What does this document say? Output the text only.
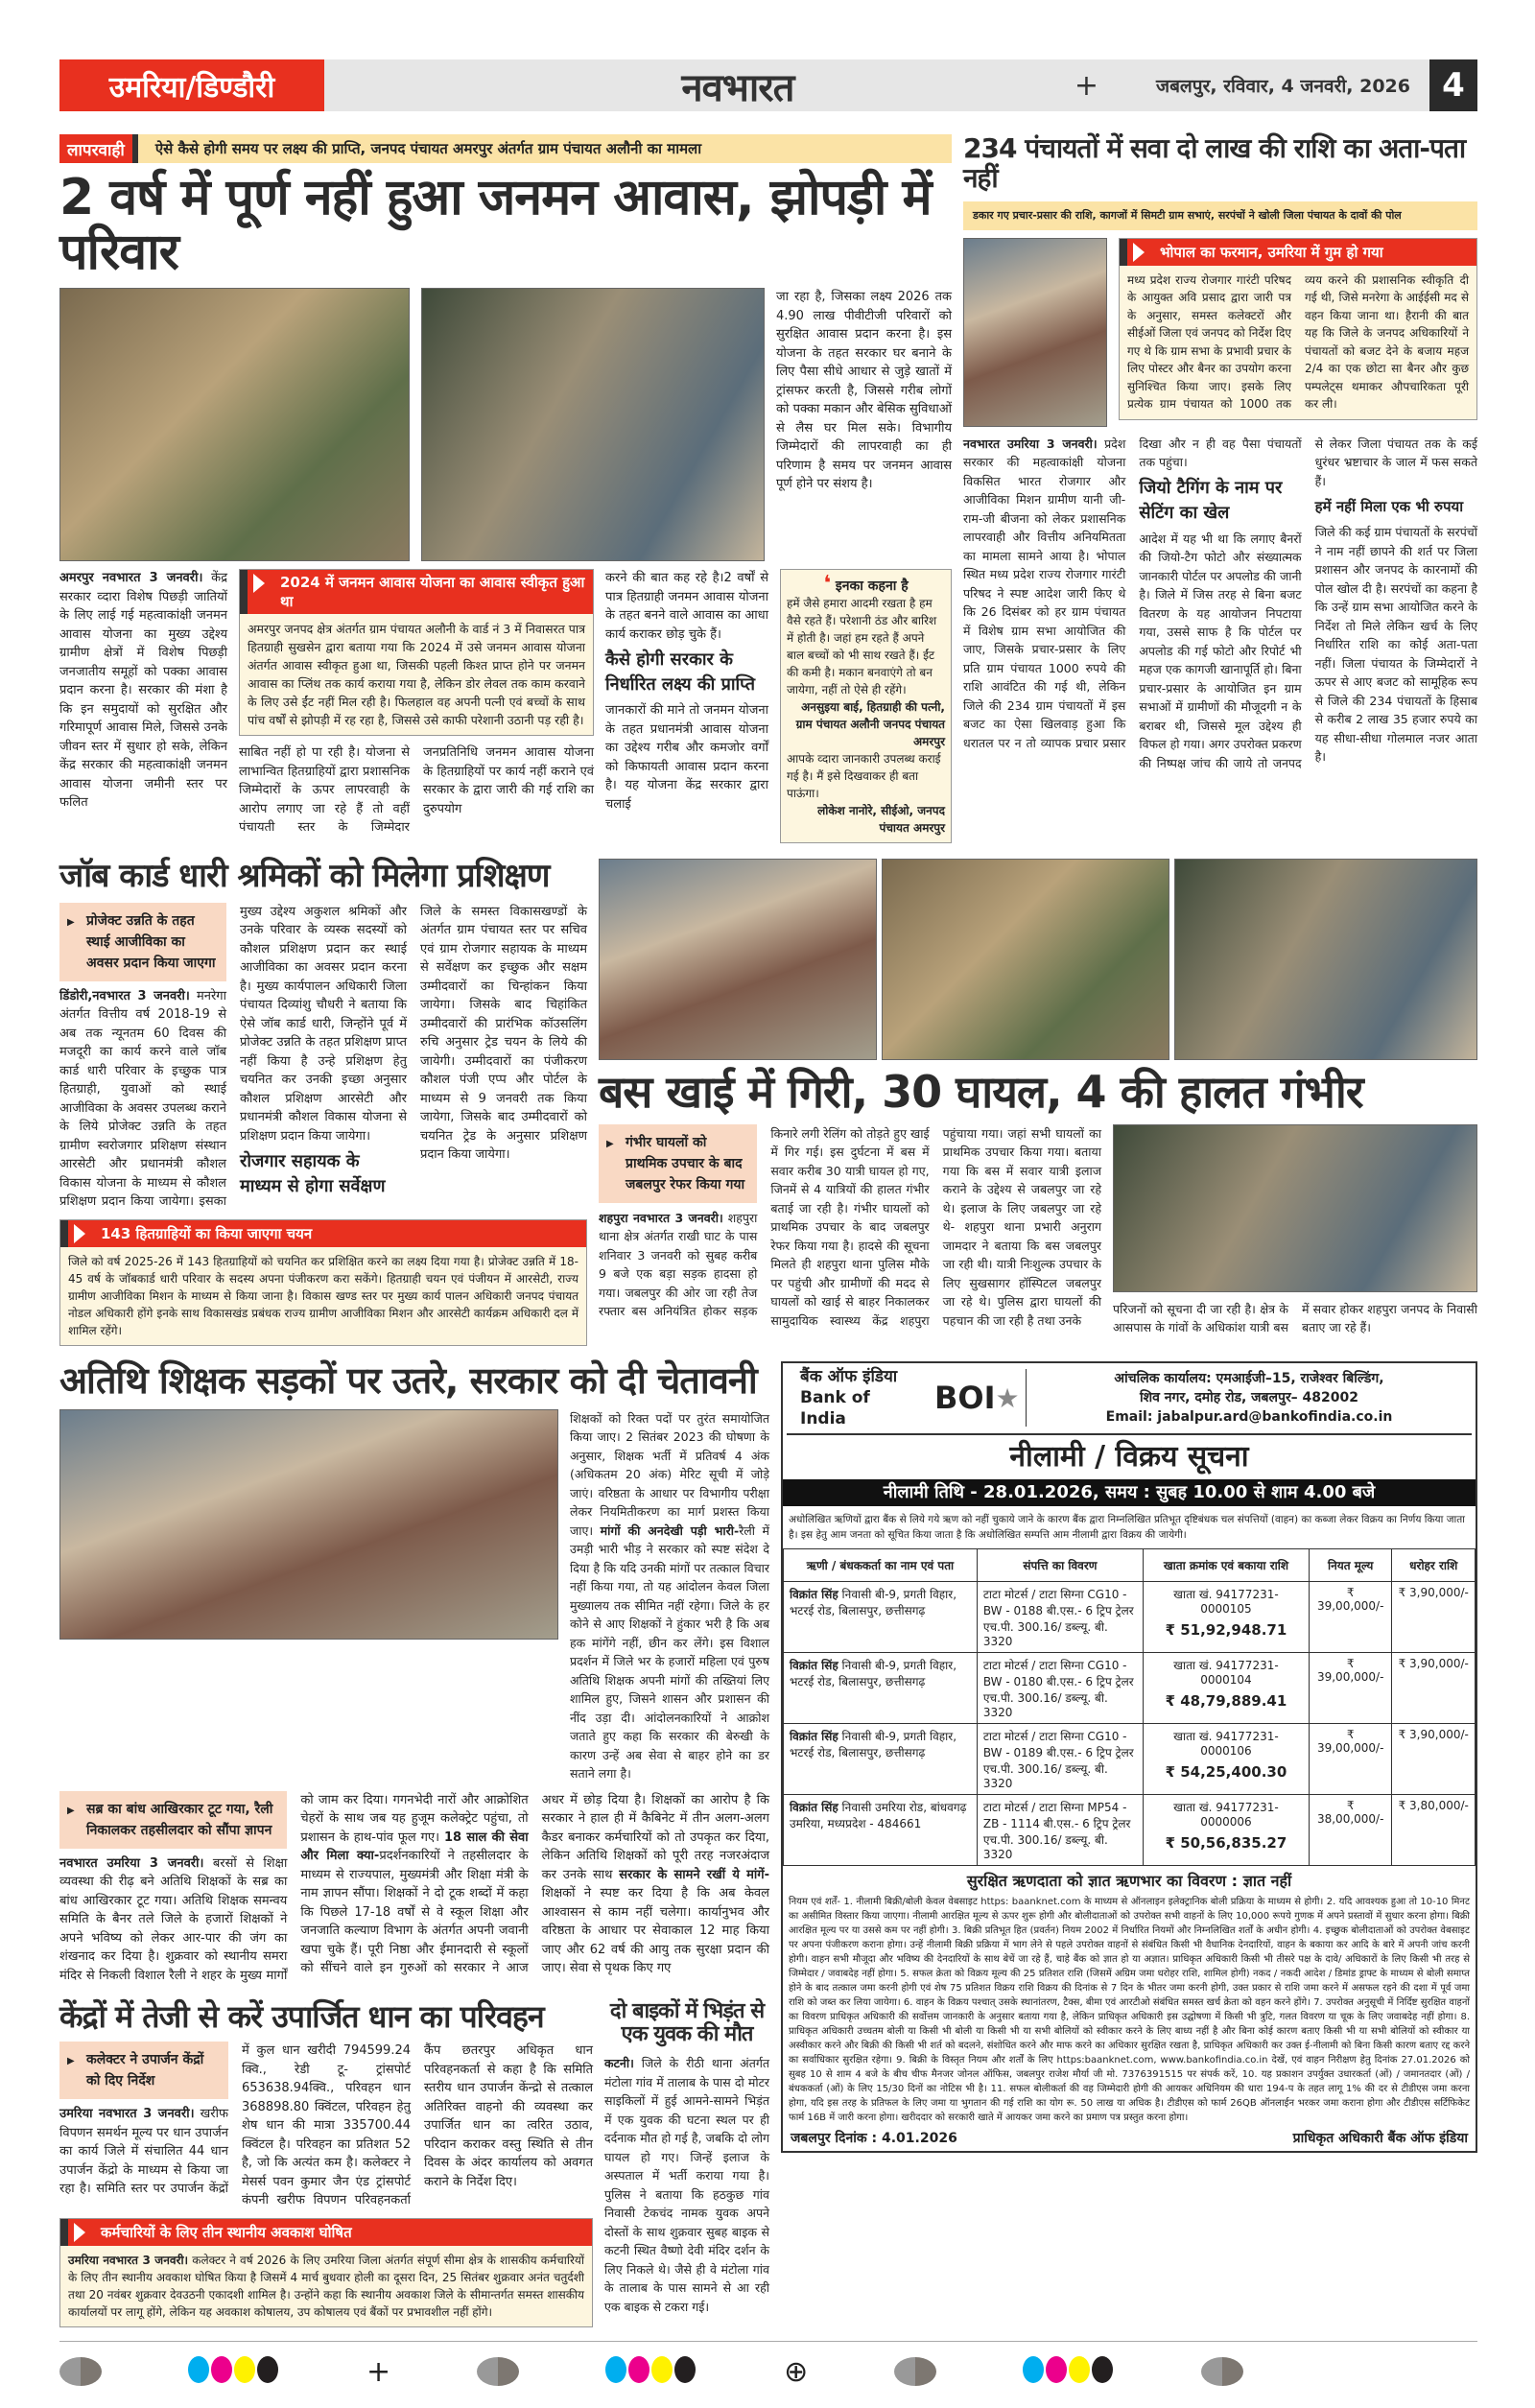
उमरिया/डिण्डौरी	नवभारत	+	जबलपुर, रविवार, 4 जनवरी, 2026 4
लापरवाही	ऐसे कैसे होगी समय पर लक्ष्य की प्राप्ति, जनपद पंचायत अमरपुर अंतर्गत ग्राम पंचायत अलौनी का मामला
2 वर्ष में पूर्ण नहीं हुआ जनमन आवास, झोपड़ी में परिवार
जा रहा है, जिसका लक्ष्य 2026 तक 4.90 लाख पीवीटीजी परिवारों को सुरक्षित आवास प्रदान करना है। इस योजना के तहत सरकार घर बनाने के लिए पैसा सीधे आधार से जुड़े खातों में ट्रांसफर करती है, जिससे गरीब लोगों को पक्का मकान और बेसिक सुविधाओं से लैस घर मिल सके। विभागीय जिम्मेदारों की लापरवाही का ही परिणाम है समय पर जनमन आवास पूर्ण होने पर संशय है।
अमरपुर नवभारत 3 जनवरी। केंद्र सरकार व्दारा विशेष पिछड़ी जातियों के लिए लाई गई महत्वाकांक्षी जनमन आवास योजना का मुख्य उद्देश्य ग्रामीण क्षेत्रों में विशेष पिछड़ी जनजातीय समूहों को पक्का आवास प्रदान करना है। सरकार की मंशा है कि इन समुदायों को सुरक्षित और गरिमापूर्ण आवास मिले, जिससे उनके जीवन स्तर में सुधार हो सके, लेकिन केंद्र सरकार की महत्वाकांक्षी जनमन आवास योजना जमीनी स्तर पर फलित
2024 में जनमन आवास योजना का आवास स्वीकृत हुआ था
अमरपुर जनपद क्षेत्र अंतर्गत ग्राम पंचायत अलौनी के वार्ड नं 3 में निवासरत पात्र हितग्राही सुखसेन द्वारा बताया गया कि 2024 में उसे जनमन आवास योजना अंतर्गत आवास स्वीकृत हुआ था, जिसकी पहली किश्त प्राप्त होने पर जनमन आवास का प्लिंथ तक कार्य कराया गया है, लेकिन डोर लेवल तक काम करवाने के लिए उसे ईंट नहीं मिल रही है। फिलहाल वह अपनी पत्नी एवं बच्चों के साथ पांच वर्षों से झोपड़ी में रह रहा है, जिससे उसे काफी परेशानी उठानी पड़ रही है।
साबित नहीं हो पा रही है। योजना से लाभान्वित हितग्राहियों द्वारा प्रशासनिक जिम्मेदारों के ऊपर लापरवाही के आरोप लगाए जा रहे हैं तो वहीं पंचायती स्तर के जिम्मेदार जनप्रतिनिधि जनमन आवास योजना के हितग्राहियों पर कार्य नहीं कराने एवं सरकार के द्वारा जारी की गई राशि का दुरुपयोग
करने की बात कह रहे है।2 वर्षों से पात्र हितग्राही जनमन आवास योजना के तहत बनने वाले आवास का आधा कार्य कराकर छोड़ चुके हैं।
कैसे होगी सरकार के निर्धारित लक्ष्य की प्राप्ति
जानकारों की माने तो जनमन योजना के तहत प्रधानमंत्री आवास योजना का उद्देश्य गरीब और कमजोर वर्गों को किफायती आवास प्रदान करना है। यह योजना केंद्र सरकार द्वारा चलाई
❛ इनका कहना है
हमें जैसे हमारा आदमी रखता है हम वैसे रहते हैं। परेशानी ठंड और बारिश में होती है। जहां हम रहते हैं अपने बाल बच्चों को भी साथ रखते हैं। ईंट की कमी है। मकान बनवाएंगे तो बन जायेगा, नहीं तो ऐसे ही रहेंगे।
अनसुइया बाई, हितग्राही की पत्नी, ग्राम पंचायत अलौनी जनपद पंचायत अमरपुर
आपके व्दारा जानकारी उपलब्ध कराई गई है। मैं इसे दिखवाकर ही बता पाऊंगा।
लोकेश नानोरे, सीईओ, जनपद पंचायत अमरपुर
234 पंचायतों में सवा दो लाख की राशि का अता-पता नहीं
डकार गए प्रचार-प्रसार की राशि, कागजों में सिमटी ग्राम सभाएं, सरपंचों ने खोली जिला पंचायत के दावों की पोल
भोपाल का फरमान, उमरिया में गुम हो गया
मध्य प्रदेश राज्य रोजगार गारंटी परिषद के आयुक्त अवि प्रसाद द्वारा जारी पत्र के अनुसार, समस्त कलेक्टरों और सीईओं जिला एवं जनपद को निर्देश दिए गए थे कि ग्राम सभा के प्रभावी प्रचार के लिए पोस्टर और बैनर का उपयोग करना सुनिश्चित किया जाए। इसके लिए प्रत्येक ग्राम पंचायत को 1000 तक व्यय करने की प्रशासनिक स्वीकृति दी गई थी, जिसे मनरेगा के आईईसी मद से वहन किया जाना था। हैरानी की बात यह कि जिले के जनपद अधिकारियों ने पंचायतों को बजट देने के बजाय महज 2/4 का एक छोटा सा बैनर और कुछ पम्पलेट्स थमाकर औपचारिकता पूरी कर ली।
नवभारत उमरिया 3 जनवरी। प्रदेश सरकार की महत्वाकांक्षी योजना विकसित भारत रोजगार और आजीविका मिशन ग्रामीण यानी जी-राम-जी बीजना को लेकर प्रशासनिक लापरवाही और वित्तीय अनियमितता का मामला सामने आया है। भोपाल स्थित मध्य प्रदेश राज्य रोजगार गारंटी परिषद ने स्पष्ट आदेश जारी किए थे कि 26 दिसंबर को हर ग्राम पंचायत में विशेष ग्राम सभा आयोजित की जाए, जिसके प्रचार-प्रसार के लिए प्रति ग्राम पंचायत 1000 रुपये की राशि आवंटित की गई थी, लेकिन जिले की 234 ग्राम पंचायतों में इस बजट का ऐसा खिलवाड़ हुआ कि धरातल पर न तो व्यापक प्रचार प्रसार दिखा और न ही वह पैसा पंचायतों तक पहुंचा।
जियो टैगिंग के नाम पर सेटिंग का खेल
आदेश में यह भी था कि लगाए बैनरों की जियो-टैग फोटो और संख्यात्मक जानकारी पोर्टल पर अपलोड की जानी है। जिले में जिस तरह से बिना बजट वितरण के यह आयोजन निपटाया गया, उससे साफ है कि पोर्टल पर अपलोड की गई फोटो और रिपोर्ट भी महज एक कागजी खानापूर्ति हो। बिना प्रचार-प्रसार के आयोजित इन ग्राम सभाओं में ग्रामीणों की मौजूदगी न के बराबर थी, जिससे मूल उद्देश्य ही विफल हो गया। अगर उपरोक्त प्रकरण की निष्पक्ष जांच की जाये तो जनपद से लेकर जिला पंचायत तक के कई धुरंधर भ्रष्टाचार के जाल में फस सकते हैं।
हमें नहीं मिला एक भी रुपया
जिले की कई ग्राम पंचायतों के सरपंचों ने नाम नहीं छापने की शर्त पर जिला प्रशासन और जनपद के कारनामों की पोल खोल दी है। सरपंचों का कहना है कि उन्हें ग्राम सभा आयोजित करने के निर्देश तो मिले लेकिन खर्च के लिए निर्धारित राशि का कोई अता-पता नहीं। जिला पंचायत के जिम्मेदारों ने ऊपर से आए बजट को सामूहिक रूप से जिले की 234 पंचायतों के हिसाब से करीब 2 लाख 35 हजार रुपये का यह सीधा-सीधा गोलमाल नजर आता है।
जॉब कार्ड धारी श्रमिकों को मिलेगा प्रशिक्षण
▶ प्रोजेक्ट उन्नति के तहत स्थाई आजीविका का अवसर प्रदान किया जाएगा
डिंडोरी,नवभारत 3 जनवरी। मनरेगा अंतर्गत वित्तीय वर्ष 2018-19 से अब तक न्यूनतम 60 दिवस की मजदूरी का कार्य करने वाले जॉब कार्ड धारी परिवार के इच्छुक पात्र हितग्राही, युवाओं को स्थाई आजीविका के अवसर उपलब्ध कराने के लिये प्रोजेक्ट उन्नति के तहत ग्रामीण स्वरोजगार प्रशिक्षण संस्थान आरसेटी और प्रधानमंत्री कौशल विकास योजना के माध्यम से कौशल प्रशिक्षण प्रदान किया जायेगा। इसका मुख्य उद्देश्य अकुशल श्रमिकों और उनके परिवार के व्यस्क सदस्यों को कौशल प्रशिक्षण प्रदान कर स्थाई आजीविका का अवसर प्रदान करना है। मुख्य कार्यपालन अधिकारी जिला पंचायत दिव्यांशु चौधरी ने बताया कि ऐसे जॉब कार्ड धारी, जिन्होंने पूर्व में प्रोजेक्ट उन्नति के तहत प्रशिक्षण प्राप्त नहीं किया है उन्हे प्रशिक्षण हेतु चयनित कर उनकी इच्छा अनुसार कौशल प्रशिक्षण आरसेटी और प्रधानमंत्री कौशल विकास योजना से प्रशिक्षण प्रदान किया जायेगा।
रोजगार सहायक के माध्यम से होगा सर्वेक्षण
जिले के समस्त विकासखण्डों के अंतर्गत ग्राम पंचायत स्तर पर सचिव एवं ग्राम रोजगार सहायक के माध्यम से सर्वेक्षण कर इच्छुक और सक्षम उम्मीदवारों का चिन्हांकन किया जायेगा। जिसके बाद चिहांकित उम्मीदवारों की प्रारंभिक कॉउसलिंग रुचि अनुसार ट्रेड चयन के लिये की जायेगी। उम्मीदवारों का पंजीकरण कौशल पंजी एप्प और पोर्टल के माध्यम से 9 जनवरी तक किया जायेगा, जिसके बाद उम्मीदवारों को चयनित ट्रेड के अनुसार प्रशिक्षण प्रदान किया जायेगा।
143 हितग्राहियों का किया जाएगा चयन
जिले को वर्ष 2025-26 में 143 हितग्राहियों को चयनित कर प्रशिक्षित करने का लक्ष्य दिया गया है। प्रोजेक्ट उन्नति में 18-45 वर्ष के जॉबकार्ड धारी परिवार के सदस्य अपना पंजीकरण करा सकेंगे। हितग्राही चयन एवं पंजीयन में आरसेटी, राज्य ग्रामीण आजीविका मिशन के माध्यम से किया जाना है। विकास खण्ड स्तर पर मुख्य कार्य पालन अधिकारी जनपद पंचायत नोडल अधिकारी होंगे इनके साथ विकासखंड प्रबंधक राज्य ग्रामीण आजीविका मिशन और आरसेटी कार्यक्रम अधिकारी दल में शामिल रहेंगे।
बस खाई में गिरी, 30 घायल, 4 की हालत गंभीर
▶ गंभीर घायलों को प्राथमिक उपचार के बाद जबलपुर रेफर किया गया
शहपुरा नवभारत 3 जनवरी। शहपुरा थाना क्षेत्र अंतर्गत राखी घाट के पास शनिवार 3 जनवरी को सुबह करीब 9 बजे एक बड़ा सड़क हादसा हो गया। जबलपुर की ओर जा रही तेज रफ्तार बस अनियंत्रित होकर सड़क किनारे लगी रेलिंग को तोड़ते हुए खाई में गिर गई। इस दुर्घटना में बस में सवार करीब 30 यात्री घायल हो गए, जिनमें से 4 यात्रियों की हालत गंभीर बताई जा रही है। गंभीर घायलों को प्राथमिक उपचार के बाद जबलपुर रेफर किया गया है। हादसे की सूचना मिलते ही शहपुरा थाना पुलिस मौके पर पहुंची और ग्रामीणों की मदद से घायलों को खाई से बाहर निकालकर सामुदायिक स्वास्थ्य केंद्र शहपुरा पहुंचाया गया। जहां सभी घायलों का प्राथमिक उपचार किया गया। बताया गया कि बस में सवार यात्री इलाज कराने के उद्देश्य से जबलपुर जा रहे थे। इलाज के लिए जबलपुर जा रहे थे- शहपुरा थाना प्रभारी अनुराग जामदार ने बताया कि बस जबलपुर जा रही थी। यात्री निःशुल्क उपचार के लिए सुखसागर हॉस्पिटल जबलपुर जा रहे थे। पुलिस द्वारा घायलों की पहचान की जा रही है तथा उनके
परिजनों को सूचना दी जा रही है। क्षेत्र के आसपास के गांवों के अधिकांश यात्री बस में सवार होकर शहपुरा जनपद के निवासी बताए जा रहे हैं।
अतिथि शिक्षक सड़कों पर उतरे, सरकार को दी चेतावनी
शिक्षकों को रिक्त पदों पर तुरंत समायोजित किया जाए। 2 सितंबर 2023 की घोषणा के अनुसार, शिक्षक भर्ती में प्रतिवर्ष 4 अंक (अधिकतम 20 अंक) मेरिट सूची में जोड़े जाएं। वरिष्ठता के आधार पर विभागीय परीक्षा लेकर नियमितीकरण का मार्ग प्रशस्त किया जाए। मांगों की अनदेखी पड़ी भारी-रैली में उमड़ी भारी भीड़ ने सरकार को स्पष्ट संदेश दे दिया है कि यदि उनकी मांगों पर तत्काल विचार नहीं किया गया, तो यह आंदोलन केवल जिला मुख्यालय तक सीमित नहीं रहेगा। जिले के हर कोने से आए शिक्षकों ने हुंकार भरी है कि अब हक मांगेंगे नहीं, छीन कर लेंगे। इस विशाल प्रदर्शन में जिले भर के हजारों महिला एवं पुरुष अतिथि शिक्षक अपनी मांगों की तख्तियां लिए शामिल हुए, जिसने शासन और प्रशासन की नींद उड़ा दी। आंदोलनकारियों ने आक्रोश जताते हुए कहा कि सरकार की बेरुखी के कारण उन्हें अब सेवा से बाहर होने का डर सताने लगा है।
▶ सब्र का बांध आखिरकार टूट गया, रैली निकालकर तहसीलदार को सौंपा ज्ञापन
नवभारत उमरिया 3 जनवरी। बरसों से शिक्षा व्यवस्था की रीढ़ बने अतिथि शिक्षकों के सब्र का बांध आखिरकार टूट गया। अतिथि शिक्षक समन्वय समिति के बैनर तले जिले के हजारों शिक्षकों ने अपने भविष्य को लेकर आर-पार की जंग का शंखनाद कर दिया है। शुक्रवार को स्थानीय समरा मंदिर से निकली विशाल रैली ने शहर के मुख्य मार्गों को जाम कर दिया। गगनभेदी नारों और आक्रोशित चेहरों के साथ जब यह हुजूम कलेक्ट्रेट पहुंचा, तो प्रशासन के हाथ-पांव फूल गए। 18 साल की सेवा और मिला क्या-प्रदर्शनकारियों ने तहसीलदार के माध्यम से राज्यपाल, मुख्यमंत्री और शिक्षा मंत्री के नाम ज्ञापन सौंपा। शिक्षकों ने दो टूक शब्दों में कहा कि पिछले 17-18 वर्षों से वे स्कूल शिक्षा और जनजाति कल्याण विभाग के अंतर्गत अपनी जवानी खपा चुके हैं। पूरी निष्ठा और ईमानदारी से स्कूलों को सींचने वाले इन गुरुओं को सरकार ने आज अधर में छोड़ दिया है। शिक्षकों का आरोप है कि सरकार ने हाल ही में कैबिनेट में तीन अलग-अलग कैडर बनाकर कर्मचारियों को तो उपकृत कर दिया, लेकिन अतिथि शिक्षकों को पूरी तरह नजरअंदाज कर उनके साथ सरकार के सामने रखीं ये मांगें-शिक्षकों ने स्पष्ट कर दिया है कि अब केवल आश्वासन से काम नहीं चलेगा। कार्यानुभव और वरिष्ठता के आधार पर सेवाकाल 12 माह किया जाए और 62 वर्ष की आयु तक सुरक्षा प्रदान की जाए। सेवा से पृथक किए गए
केंद्रों में तेजी से करें उपार्जित धान का परिवहन
▶ कलेक्टर ने उपार्जन केंद्रों को दिए निर्देश
उमरिया नवभारत 3 जनवरी। खरीफ विपणन समर्थन मूल्य पर धान उपार्जन का कार्य जिले में संचालित 44 धान उपार्जन केंद्रो के माध्यम से किया जा रहा है। समिति स्तर पर उपार्जन केंद्रों में कुल धान खरीदी 794599.24 क्वि., रेडी टू- ट्रांसपोर्ट 653638.94क्वि., परिवहन धान 368898.80 क्विंटल, परिवहन हेतु शेष धान की मात्रा 335700.44 क्विंटल है। परिवहन का प्रतिशत 52 है, जो कि अत्यंत कम है। कलेक्टर ने मेसर्स पवन कुमार जैन एंड ट्रांसपोर्ट कंपनी खरीफ विपणन परिवहनकर्ता कैंप छतरपुर अधिकृत धान परिवहनकर्ता से कहा है कि समिति स्तरीय धान उपार्जन केंन्द्रो से तत्काल अतिरिक्त वाहनो की व्यवस्था कर उपार्जित धान का त्वरित उठाव, परिदान कराकर वस्तु स्थिति से तीन दिवस के अंदर कार्यालय को अवगत कराने के निर्देश दिए।
कर्मचारियों के लिए तीन स्थानीय अवकाश घोषित
उमरिया नवभारत 3 जनवरी। कलेक्टर ने वर्ष 2026 के लिए उमरिया जिला अंतर्गत संपूर्ण सीमा क्षेत्र के शासकीय कर्मचारियों के लिए तीन स्थानीय अवकाश घोषित किया है जिसमें 4 मार्च बुधवार होली का दूसरा दिन, 25 सितंबर शुक्रवार अनंत चतुर्दशी तथा 20 नवंबर शुक्रवार देवउठनी एकादशी शामिल है। उन्होंने कहा कि स्थानीय अवकाश जिले के सीमान्तर्गत समस्त शासकीय कार्यालयों पर लागू होंगे, लेकिन यह अवकाश कोषालय, उप कोषालय एवं बैंकों पर प्रभावशील नहीं होंगे।
दो बाइकों में भिड़ंत से एक युवक की मौत
कटनी। जिले के रीठी थाना अंतर्गत मंटोला गांव में तालाब के पास दो मोटर साइकिलों में हुई आमने-सामने भिड़ंत में एक युवक की घटना स्थल पर ही दर्दनाक मौत हो गई है, जबकि दो लोग घायल हो गए। जिन्हें इलाज के अस्पताल में भर्ती कराया गया है। पुलिस ने बताया कि हठकुछ गांव निवासी टेकचंद नामक युवक अपने दोस्तों के साथ शुक्रवार सुबह बाइक से कटनी स्थित वैष्णो देवी मंदिर दर्शन के लिए निकले थे। जैसे ही वे मंटोला गांव के तालाब के पास सामने से आ रही एक बाइक से टकरा गई।
बैंक ऑफ इंडिया
Bank of India
BOI ★
आंचलिक कार्यालय: एमआईजी–15, राजेश्वर बिल्डिंग,
शिव नगर, दमोह रोड, जबलपुर– 482002
Email: jabalpur.ard@bankofindia.co.in
नीलामी / विक्रय सूचना
नीलामी तिथि - 28.01.2026, समय : सुबह 10.00 से शाम 4.00 बजे
अधोलिखित ऋणियों द्वारा बैंक से लिये गये ऋण को नहीं चुकाये जाने के कारण बैंक द्वारा निम्नलिखित प्रतिभूत दृष्टिबंधक चल संपत्तियों (वाहन) का कब्जा लेकर विक्रय का निर्णय किया जाता है। इस हेतु आम जनता को सूचित किया जाता है कि अधोलिखित सम्पत्ति आम नीलामी द्वारा विक्रय की जायेगी।
ऋणी / बंधककर्ता का नाम एवं पता	संपत्ति का विवरण	खाता क्रमांक एवं बकाया राशि	नियत मूल्य	धरोहर राशि
विक्रांत सिंह निवासी बी-9, प्रगती विहार, भटरई रोड, बिलासपुर, छत्तीसगढ़	टाटा मोटर्स / टाटा सिग्ना CG10 - BW - 0188 बी.एस.- 6 ट्रिप ट्रेलर एच.पी. 300.16/ डब्ल्यू. बी. 3320	खाता खं. 94177231-0000105
₹ 51,92,948.71	₹ 39,00,000/-	₹ 3,90,000/-
विक्रांत सिंह निवासी बी-9, प्रगती विहार, भटरई रोड, बिलासपुर, छत्तीसगढ़	टाटा मोटर्स / टाटा सिग्ना CG10 - BW - 0180 बी.एस.- 6 ट्रिप ट्रेलर एच.पी. 300.16/ डब्ल्यू. बी. 3320	खाता खं. 94177231-0000104
₹ 48,79,889.41	₹ 39,00,000/-	₹ 3,90,000/-
विक्रांत सिंह निवासी बी-9, प्रगती विहार, भटरई रोड, बिलासपुर, छत्तीसगढ़	टाटा मोटर्स / टाटा सिग्ना CG10 - BW - 0189 बी.एस.- 6 ट्रिप ट्रेलर एच.पी. 300.16/ डब्ल्यू. बी. 3320	खाता खं. 94177231-0000106
₹ 54,25,400.30	₹ 39,00,000/-	₹ 3,90,000/-
विक्रांत सिंह निवासी उमरिया रोड, बांधवगढ़ उमरिया, मध्यप्रदेश - 484661	टाटा मोटर्स / टाटा सिग्ना MP54 - ZB - 1114 बी.एस.- 6 ट्रिप ट्रेलर एच.पी. 300.16/ डब्ल्यू. बी. 3320	खाता खं. 94177231-0000006
₹ 50,56,835.27	₹ 38,00,000/-	₹ 3,80,000/-
सुरक्षित ऋणदाता को ज्ञात ऋणभार का विवरण : ज्ञात नहीं
नियम एवं शर्तें- 1. नीलामी बिक्री/बोली केवल वेबसाइट https: baanknet.com के माध्यम से ऑनलाइन इलेक्ट्रानिक बोली प्रक्रिया के माध्यम से होगी। 2. यदि आवश्यक हुआ तो 10-10 मिनट का असीमित विस्तार किया जाएगा। नीलामी आरक्षित मूल्य से ऊपर शुरू होगी और बोलीदाताओं को उपरोक्त सभी वाहनों के लिए 10,000 रूपये गुणक में अपने प्रस्तावों में सुधार करना होगा। बिक्री आरक्षित मूल्य पर या उससे कम पर नहीं होगी। 3. बिक्री प्रतिभूत हित (प्रवर्तन) नियम 2002 में निर्धारित नियमों और निम्नलिखित शर्तों के अधीन होगी। 4. इच्छुक बोलीदाताओं को उपरोक्त वेबसाइट पर अपना पंजीकरण कराना होगा। उन्हें नीलामी बिक्री प्रक्रिया में भाग लेने से पहले उपरोक्त वाहनों से संबंधित किसी भी वैधानिक देनदारियों, वाहन के बकाया कर आदि के बारे में अपनी जांच करनी होगी। वाहन सभी मौजूदा और भविष्य की देनदारियों के साथ बेचें जा रहे हैं, चाहे बैंक को ज्ञात हो या अज्ञात। प्राधिकृत अधिकारी किसी भी तीसरे पक्ष के दावे/ अधिकारों के लिए किसी भी तरह से जिम्मेदार / जवाबदेह नहीं होगा। 5. सफल क्रेता को विक्रय मूल्य की 25 प्रतिशत राशि (जिसमें अग्रिम जमा धरोहर राशि, शामिल होगी) नकद / नकदी आदेश / डिमांड ड्राफ्ट के माध्यम से बोली समाप्त होने के बाद तत्काल जमा करनी होगी एवं शेष 75 प्रतिशत विक्रय राशि विक्रय की दिनांक से 7 दिन के भीतर जमा करनी होगी, उक्त प्रकार से राशि जमा करने में असफल रहने की दशा में पूर्व जमा राशि को जब्त कर लिया जायेगा। 6. वाहन के विक्रय पश्चात् उसके स्थानांतरण, टैक्स, बीमा एवं आरटीओ संबंधित समस्त खर्च क्रेता को वहन करने होंगे। 7. उपरोक्त अनुसूची में निर्दिष्ट सुरक्षित वाहनों का विवरण प्राधिकृत अधिकारी की सर्वोत्तम जानकारी के अनुसार बताया गया है, लेकिन प्राधिकृत अधिकारी इस उद्घोषणा में किसी भी त्रुटि, गलत विवरण या चूक के लिए जवाबदेह नहीं होगा। 8. प्राधिकृत अधिकारी उच्चतम बोली या किसी भी बोली या किसी भी या सभी बोलियों को स्वीकार करने के लिए बाध्य नहीं है और बिना कोई कारण बताए किसी भी या सभी बोलियों को स्वीकार या अस्वीकार करने और बिक्री की किसी भी शर्त को बदलने, संशोधित करने और माफ करने का अधिकार सुरक्षित रखता है, प्राधिकृत अधिकारी कर उक्त ई-नीलामी को बिना किसी कारण बताए रद्द करने का सर्वाधिकार सुरक्षित रहेगा। 9. बिक्री के विस्तृत नियम और शर्तों के लिए https:baanknet.com, www.bankofindia.co.in देखें, एवं वाहन निरीक्षण हेतु दिनांक 27.01.2026 को सुबह 10 से शाम 4 बजे के बीच चीफ मैनजर जोनल ऑफिस, जबलपुर राजेश मौर्या जी मो. 7376391515 पर संपर्क करें, 10. यह प्रकाशन उपर्युक्त उधारकर्ता (ओं) / जमानतदार (ओं) / बंधककर्ता (ओं) के लिए 15/30 दिनों का नोटिस भी है। 11. सफल बोलीकर्ता की वह जिम्मेदारी होगी की आयकर अधिनियम की धारा 194-प के तहत लागू 1% की दर से टीडीएस जमा करना होगा, यदि इस तरह के प्रतिफल के लिए जमा या भुगतान की गई राशि का योग रू. 50 लाख या अधिक है। टीडीएस को फार्म 26QB ऑनलाईन भरकर जमा कराना होगा और टीडीएस सर्टिफिकेट फार्म 16B में जारी करना होगा। खरीददार को सरकारी खाते में आयकर जमा करने का प्रमाण पत्र प्रस्तुत करना होगा।
जबलपुर दिनांक : 4.01.2026	प्राधिकृत अधिकारी बैंक ऑफ इंडिया
+	⊕
